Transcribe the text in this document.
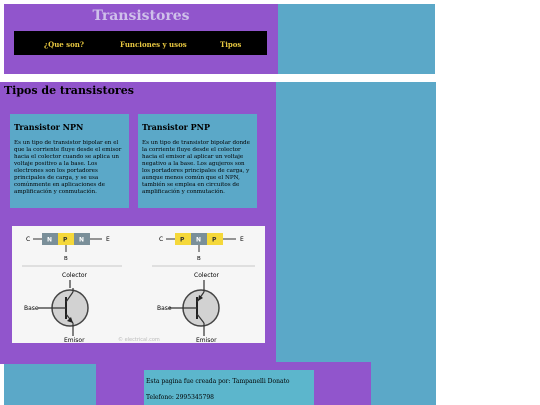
Transistores
¿Que son?	Funciones y usos	Tipos
Tipos de transistores
Transistor NPN

Es un tipo de transistor bipolar en el que la corriente fluye desde el emisor hacia el colector cuando se aplica un voltaje positivo a la base. Los electrones son los portadores principales de carga, y se usa comúnmente en aplicaciones de amplificación y conmutación.

Transistor PNP

Es un tipo de transistor bipolar donde la corriente fluye desde el colector hacia el emisor al aplicar un voltaje negativo a la base. Los agujeros son los portadores principales de carga, y aunque menos común que el NPN, también se emplea en circuitos de amplificación y conmutación.

C	N P N	E
B
Colector
Base
Emisor
C	P N P	E
B
Colector
Base
Emisor
© electrical.com
Esta pagina fue creada por: Tampanelli Donato
Telefono: 2995345798
